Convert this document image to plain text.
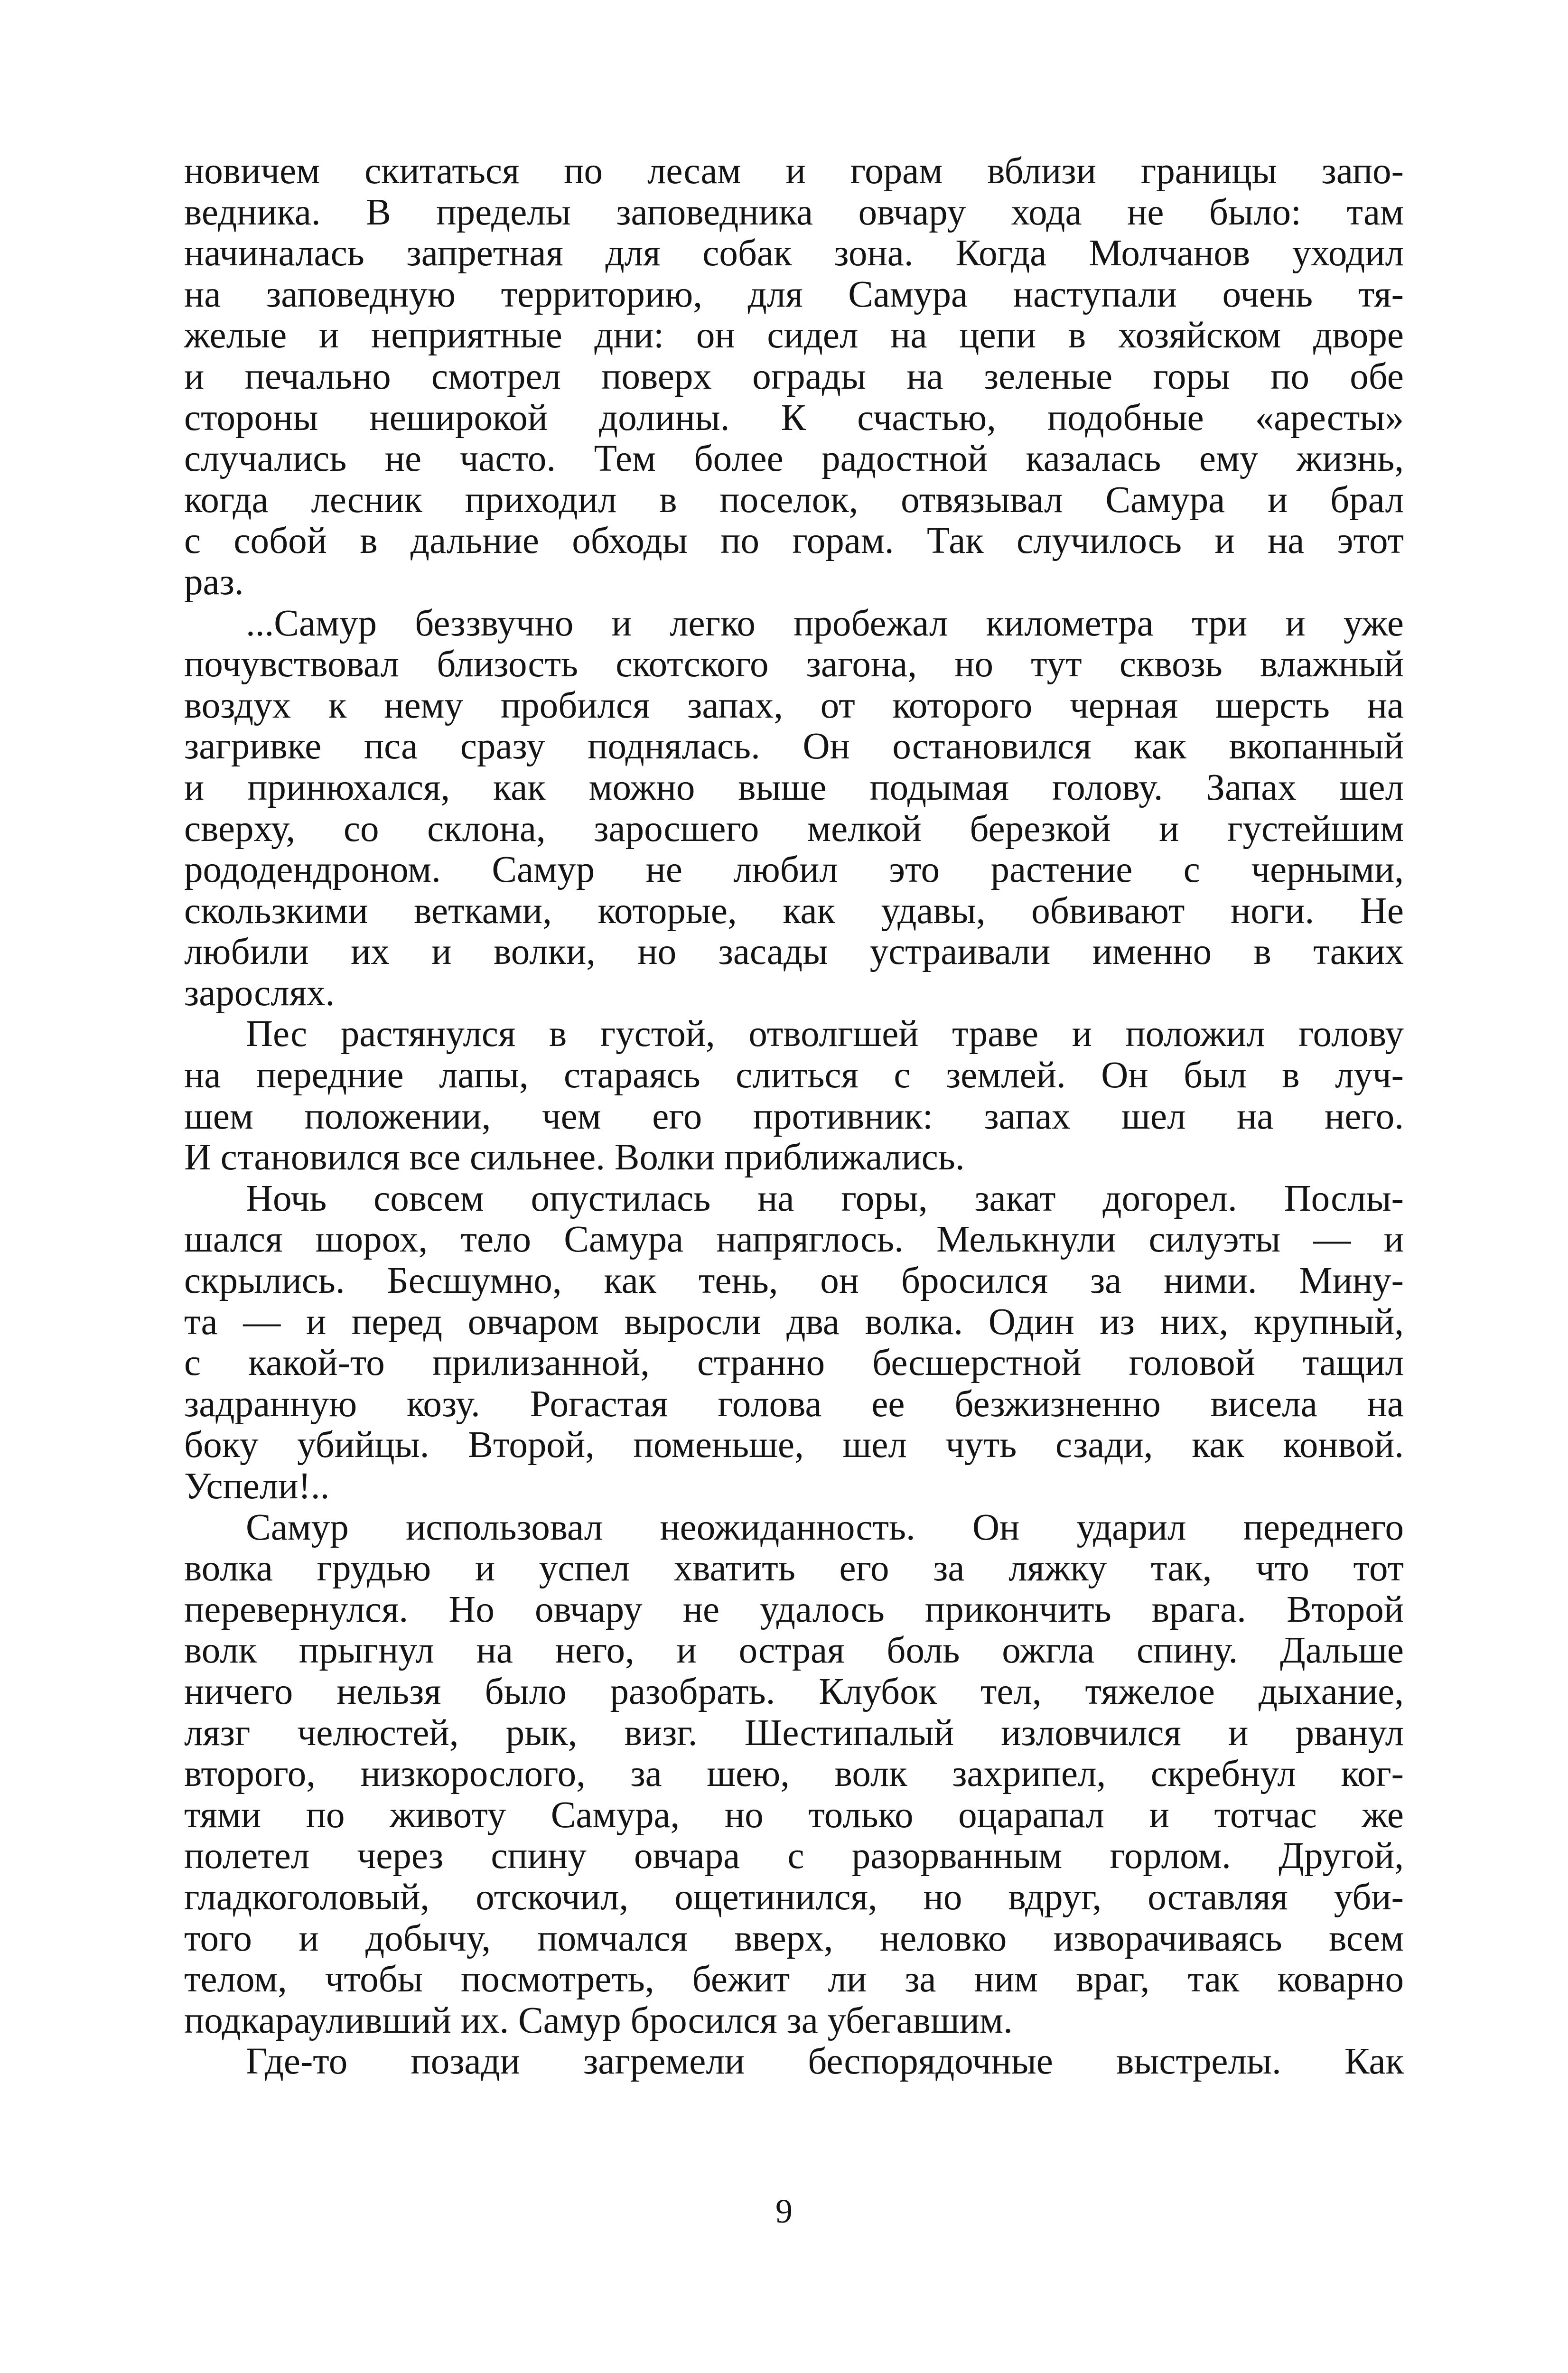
новичем скитаться по лесам и горам вблизи границы запо-
ведника. В пределы заповедника овчару хода не было: там
начиналась запретная для собак зона. Когда Молчанов уходил
на заповедную территорию, для Самура наступали очень тя-
желые и неприятные дни: он сидел на цепи в хозяйском дворе
и печально смотрел поверх ограды на зеленые горы по обе
стороны неширокой долины. К счастью, подобные «аресты»
случались не часто. Тем более радостной казалась ему жизнь,
когда лесник приходил в поселок, отвязывал Самура и брал
с собой в дальние обходы по горам. Так случилось и на этот
раз.
...Самур беззвучно и легко пробежал километра три и уже
почувствовал близость скотского загона, но тут сквозь влажный
воздух к нему пробился запах, от которого черная шерсть на
загривке пса сразу поднялась. Он остановился как вкопанный
и принюхался, как можно выше подымая голову. Запах шел
сверху, со склона, заросшего мелкой березкой и густейшим
рододендроном. Самур не любил это растение с черными,
скользкими ветками, которые, как удавы, обвивают ноги. Не
любили их и волки, но засады устраивали именно в таких
зарослях.
Пес растянулся в густой, отволгшей траве и положил голову
на передние лапы, стараясь слиться с землей. Он был в луч-
шем положении, чем его противник: запах шел на него.
И становился все сильнее. Волки приближались.
Ночь совсем опустилась на горы, закат догорел. Послы-
шался шорох, тело Самура напряглось. Мелькнули силуэты — и
скрылись. Бесшумно, как тень, он бросился за ними. Мину-
та — и перед овчаром выросли два волка. Один из них, крупный,
с какой-то прилизанной, странно бесшерстной головой тащил
задранную козу. Рогастая голова ее безжизненно висела на
боку убийцы. Второй, поменьше, шел чуть сзади, как конвой.
Успели!..
Самур использовал неожиданность. Он ударил переднего
волка грудью и успел хватить его за ляжку так, что тот
перевернулся. Но овчару не удалось прикончить врага. Второй
волк прыгнул на него, и острая боль ожгла спину. Дальше
ничего нельзя было разобрать. Клубок тел, тяжелое дыхание,
лязг челюстей, рык, визг. Шестипалый изловчился и рванул
второго, низкорослого, за шею, волк захрипел, скребнул ког-
тями по животу Самура, но только оцарапал и тотчас же
полетел через спину овчара с разорванным горлом. Другой,
гладкоголовый, отскочил, ощетинился, но вдруг, оставляя уби-
того и добычу, помчался вверх, неловко изворачиваясь всем
телом, чтобы посмотреть, бежит ли за ним враг, так коварно
подкарауливший их. Самур бросился за убегавшим.
Где-то позади загремели беспорядочные выстрелы. Как
9
